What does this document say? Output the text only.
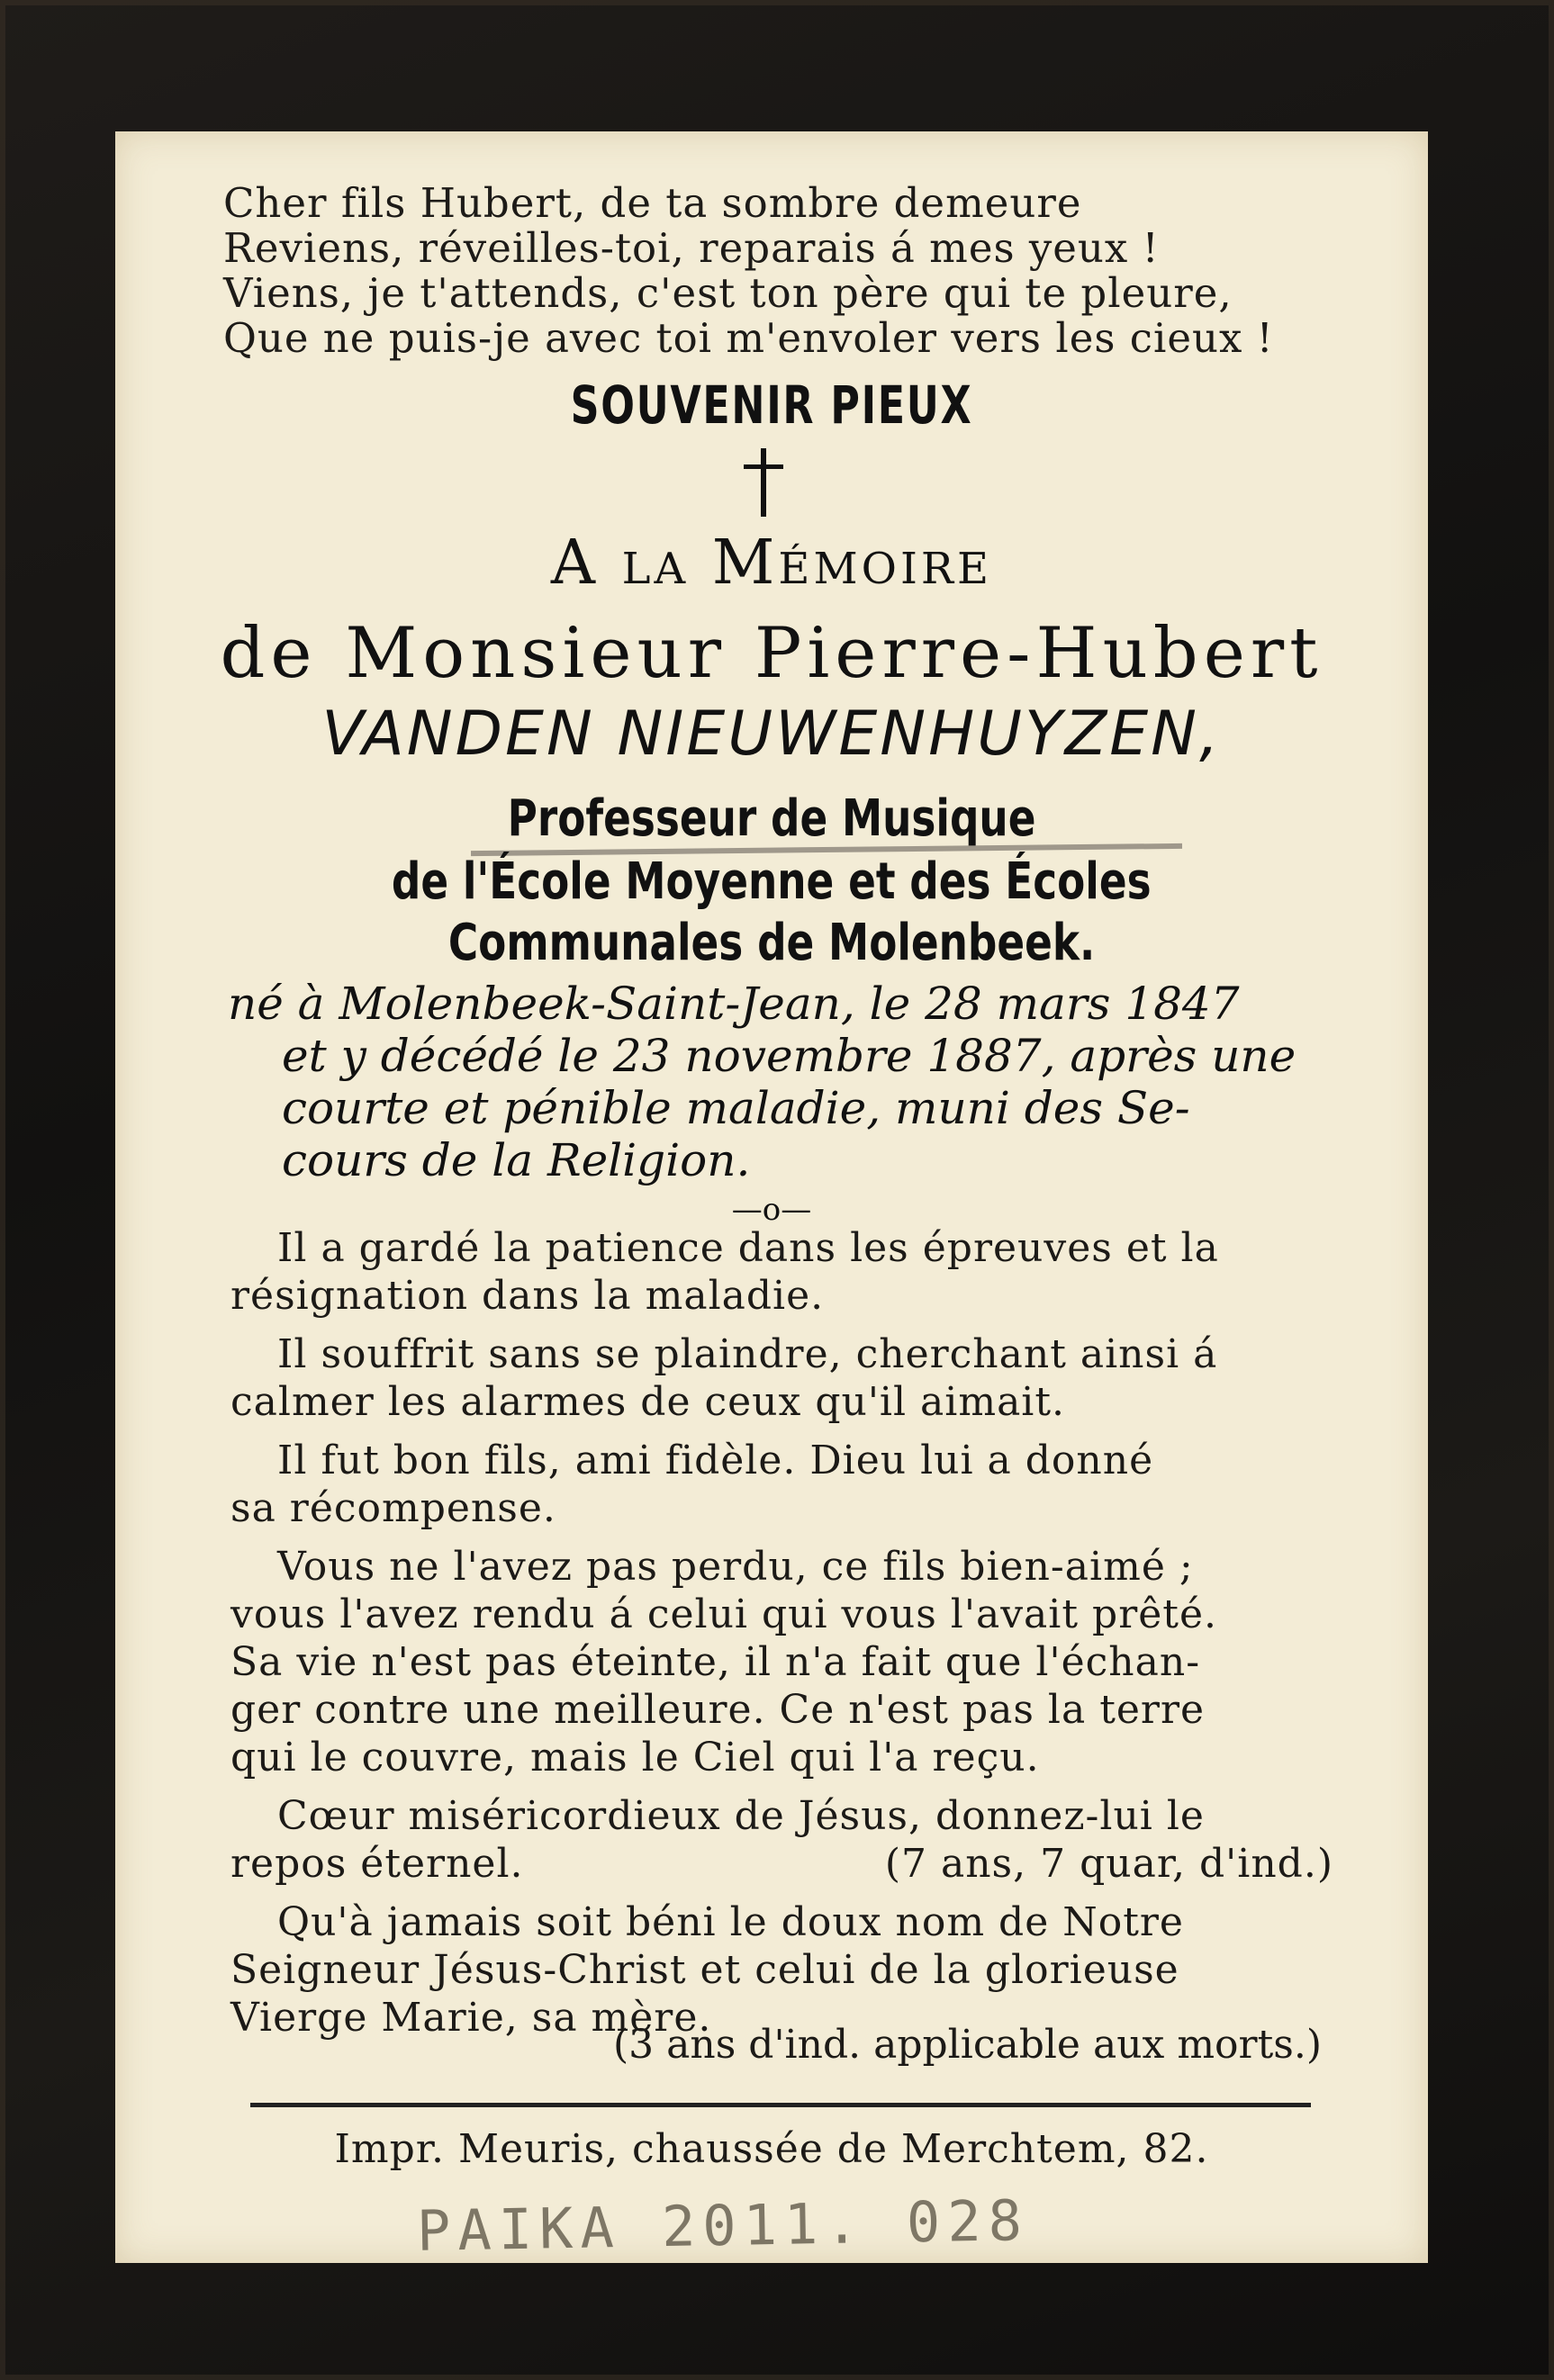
Cher fils Hubert, de ta sombre demeure
Reviens, réveilles-toi, reparais á mes yeux !
Viens, je t'attends, c'est ton père qui te pleure,
Que ne puis-je avec toi m'envoler vers les cieux !
SOUVENIR PIEUX
A la Mémoire
de Monsieur Pierre-Hubert
VANDEN NIEUWENHUYZEN,
Professeur de Musique
de l'École Moyenne et des Écoles
Communales de Molenbeek.
né à Molenbeek-Saint-Jean, le 28 mars 1847
et y décédé le 23 novembre 1887, après une
courte et pénible maladie, muni des Se-
cours de la Religion.
—o—
Il a gardé la patience dans les épreuves et la
résignation dans la maladie.
Il souffrit sans se plaindre, cherchant ainsi á
calmer les alarmes de ceux qu'il aimait.
Il fut bon fils, ami fidèle. Dieu lui a donné
sa récompense.
Vous ne l'avez pas perdu, ce fils bien-aimé ;
vous l'avez rendu á celui qui vous l'avait prêté.
Sa vie n'est pas éteinte, il n'a fait que l'échan-
ger contre une meilleure. Ce n'est pas la terre
qui le couvre, mais le Ciel qui l'a reçu.
Cœur miséricordieux de Jésus, donnez-lui le
repos éternel.	(7 ans, 7 quar, d'ind.)
Qu'à jamais soit béni le doux nom de Notre
Seigneur Jésus-Christ et celui de la glorieuse
Vierge Marie, sa mère.
(3 ans d'ind. applicable aux morts.)
Impr. Meuris, chaussée de Merchtem, 82.
PAIKA 2011. 028
